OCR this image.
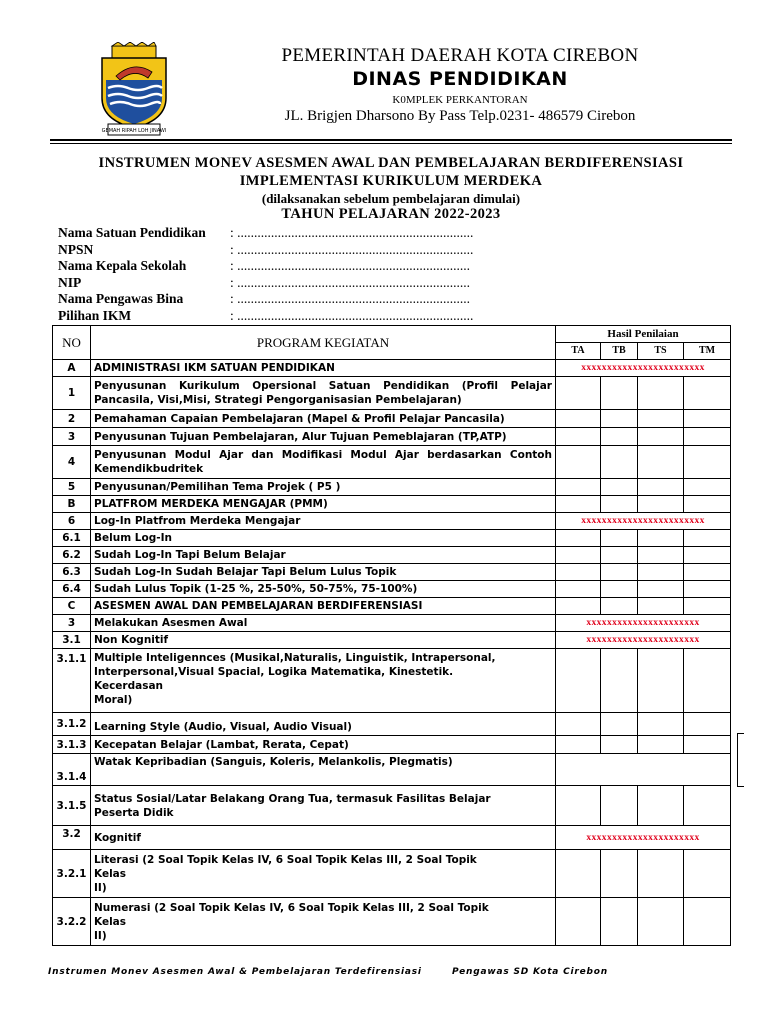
GEMAH RIPAH LOH JINAWI
PEMERINTAH DAERAH KOTA CIREBON
DINAS PENDIDIKAN
K0MPLEK PERKANTORAN
JL. Brigjen Dharsono By Pass Telp.0231- 486579 Cirebon
INSTRUMEN MONEV ASESMEN AWAL DAN PEMBELAJARAN BERDIFERENSIASI
IMPLEMENTASI KURIKULUM MERDEKA
(dilaksanakan sebelum pembelajaran dimulai)
TAHUN PELAJARAN 2022-2023
Nama Satuan Pendidikan : ......................................................................
NPSN	: ......................................................................
Nama Kepala Sekolah	: .....................................................................
NIP	: .....................................................................
Nama Pengawas Bina	: .....................................................................
Pilihan IKM	: ......................................................................
NO	PROGRAM KEGIATAN	Hasil Penilaian			
		TA	TB	TS	TM
A	ADMINISTRASI IKM SATUAN PENDIDIKAN	xxxxxxxxxxxxxxxxxxxxxxxx			
1	Penyusunan Kurikulum Opersional Satuan Pendidikan (Profil Pelajar Pancasila, Visi,Misi, Strategi Pengorganisasian Pembelajaran)				
2	Pemahaman Capaian Pembelajaran (Mapel & Profil Pelajar Pancasila)				
3	Penyusunan Tujuan Pembelajaran, Alur Tujuan Pemeblajaran (TP,ATP)				
4	Penyusunan Modul Ajar dan Modifikasi Modul Ajar berdasarkan Contoh Kemendikbudritek				
5	Penyusunan/Pemilihan Tema Projek ( P5 )				
B	PLATFROM MERDEKA MENGAJAR (PMM)				
6	Log-In Platfrom Merdeka Mengajar	xxxxxxxxxxxxxxxxxxxxxxxx			
6.1	Belum Log-In				
6.2	Sudah Log-In Tapi Belum Belajar				
6.3	Sudah Log-In Sudah Belajar Tapi Belum Lulus Topik				
6.4	Sudah Lulus Topik (1-25 %, 25-50%, 50-75%, 75-100%)				
C	ASESMEN AWAL DAN PEMBELAJARAN BERDIFERENSIASI				
3	Melakukan Asesmen Awal	xxxxxxxxxxxxxxxxxxxxxx			
3.1	Non Kognitif	xxxxxxxxxxxxxxxxxxxxxx			
3.1.1	Multiple Inteligennces (Musikal,Naturalis, Linguistik, Intrapersonal,
Interpersonal,Visual Spacial, Logika Matematika, Kinestetik.
Kecerdasan
Moral)				

3.1.2	Learning Style (Audio, Visual, Audio Visual)				
3.1.3	Kecepatan Belajar (Lambat, Rerata, Cepat)				
3.1.4	Watak Kepribadian (Sanguis, Koleris, Melankolis, Plegmatis)				
3.1.5	Status Sosial/Latar Belakang Orang Tua, termasuk Fasilitas Belajar
Peserta Didik				

3.2	Kognitif	xxxxxxxxxxxxxxxxxxxxxx			
3.2.1	Literasi (2 Soal Topik Kelas IV, 6 Soal Topik Kelas III, 2 Soal Topik
Kelas
II)				

3.2.2	Numerasi (2 Soal Topik Kelas IV, 6 Soal Topik Kelas III, 2 Soal Topik
Kelas
II)				

Instrumen Monev Asesmen Awal & Pembelajaran Terdefirensiasi	Pengawas SD Kota Cirebon
